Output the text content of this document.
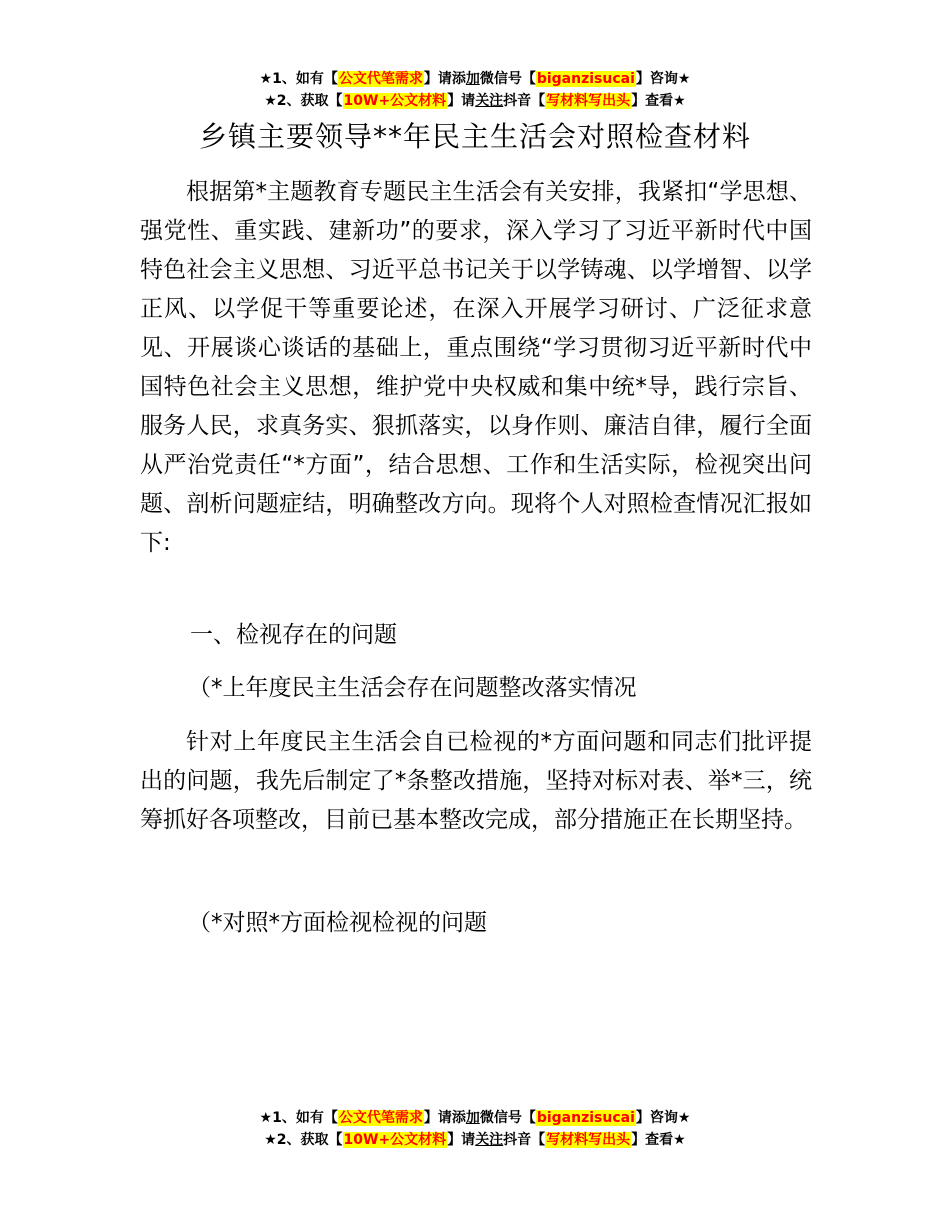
★1、如有【公文代笔需求】请添加微信号【biganzisucai】咨询★
★2、获取【10W+公文材料】请关注抖音【写材料写出头】查看★
乡镇主要领导**年民主生活会对照检查材料

根据第*主题教育专题民主生活会有关安排，我紧扣“学思想、强党性、重实践、建新功”的要求，深入学习了习近平新时代中国特色社会主义思想、习近平总书记关于以学铸魂、以学增智、以学正风、以学促干等重要论述，在深入开展学习研讨、广泛征求意见、开展谈心谈话的基础上，重点围绕“学习贯彻习近平新时代中国特色社会主义思想，维护党中央权威和集中统*导，践行宗旨、服务人民，求真务实、狠抓落实，以身作则、廉洁自律，履行全面从严治党责任“*方面”，结合思想、工作和生活实际，检视突出问题、剖析问题症结，明确整改方向。现将个人对照检查情况汇报如下:

一、检视存在的问题
（*上年度民主生活会存在问题整改落实情况

针对上年度民主生活会自已检视的*方面问题和同志们批评提出的问题，我先后制定了*条整改措施，坚持对标对表、举*三，统筹抓好各项整改，目前已基本整改完成，部分措施正在长期坚持。

（*对照*方面检视检视的问题
★1、如有【公文代笔需求】请添加微信号【biganzisucai】咨询★
★2、获取【10W+公文材料】请关注抖音【写材料写出头】查看★
